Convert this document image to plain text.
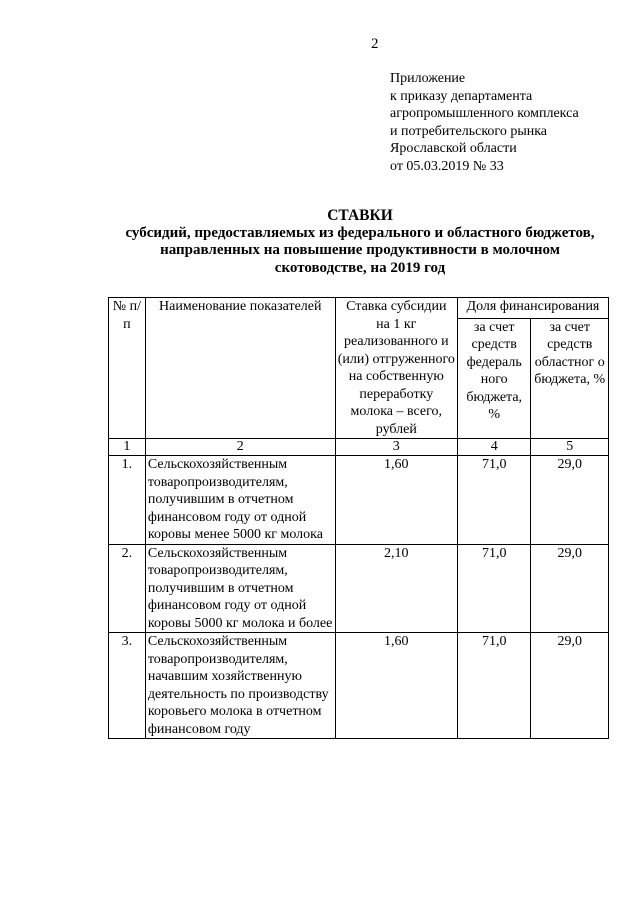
2
Приложение
к приказу департамента
агропромышленного комплекса
и потребительского рынка
Ярославской области
от 05.03.2019 № 33
СТАВКИ
субсидий, предоставляемых из федерального и областного бюджетов,
направленных на повышение продуктивности в молочном
скотоводстве, на 2019 год
№ п/п	Наименование показателей	Ставка субсидии на 1 кг реализованного и (или) отгруженного на собственную переработку молока – всего, рублей	Доля финансирования	
			за счет средств федераль ного бюджета, %	за счет средств областног о бюджета, %
1	2	3	4	5
1.	Сельскохозяйственным товаропроизводителям, получившим в отчетном финансовом году от одной коровы менее 5000 кг молока	1,60	71,0	29,0
2.	Сельскохозяйственным товаропроизводителям, получившим в отчетном финансовом году от одной коровы 5000 кг молока и более	2,10	71,0	29,0
3.	Сельскохозяйственным товаропроизводителям, начавшим хозяйственную деятельность по производству коровьего молока в отчетном финансовом году	1,60	71,0	29,0
